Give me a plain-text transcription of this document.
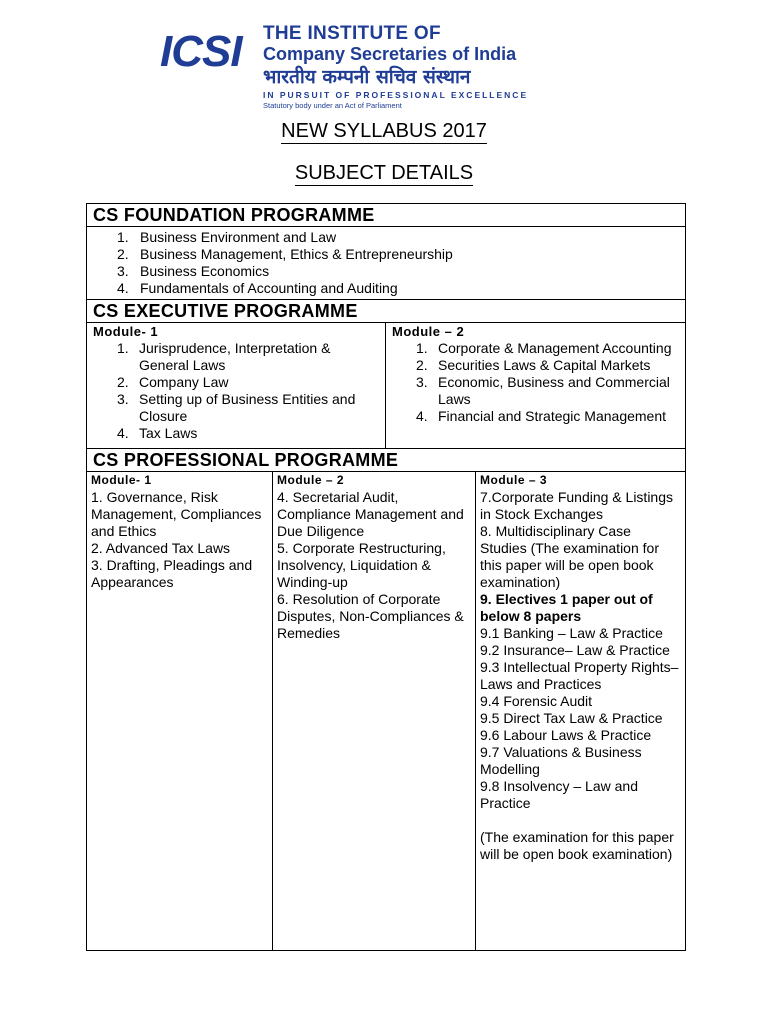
ICSI THE INSTITUTE OF
Company Secretaries of India
भारतीय कम्पनी सचिव संस्थान
IN PURSUIT OF PROFESSIONAL EXCELLENCE
Statutory body under an Act of Parliament
NEW SYLLABUS 2017
SUBJECT DETAILS
CS FOUNDATION PROGRAMME
1. Business Environment and Law
2. Business Management, Ethics & Entrepreneurship
3. Business Economics
4. Fundamentals of Accounting and Auditing
CS EXECUTIVE PROGRAMME
Module- 1
1. Jurisprudence, Interpretation & General Laws
2. Company Law
3. Setting up of Business Entities and Closure
4. Tax Laws
Module – 2
1. Corporate & Management Accounting
2. Securities Laws & Capital Markets
3. Economic, Business and Commercial Laws
4. Financial and Strategic Management
CS PROFESSIONAL PROGRAMME
Module- 1
1. Governance, Risk Management, Compliances and Ethics
2. Advanced Tax Laws
3. Drafting, Pleadings and Appearances
Module – 2
4. Secretarial Audit, Compliance Management and Due Diligence
5. Corporate Restructuring, Insolvency, Liquidation & Winding-up
6. Resolution of Corporate Disputes, Non-Compliances & Remedies
Module – 3
7.Corporate Funding & Listings in Stock Exchanges
8. Multidisciplinary Case Studies (The examination for this paper will be open book examination)
9. Electives 1 paper out of below 8 papers
9.1 Banking – Law & Practice
9.2 Insurance– Law & Practice
9.3 Intellectual Property Rights– Laws and Practices
9.4 Forensic Audit
9.5 Direct Tax Law & Practice
9.6 Labour Laws & Practice
9.7 Valuations & Business Modelling
9.8 Insolvency – Law and Practice
(The examination for this paper will be open book examination)
